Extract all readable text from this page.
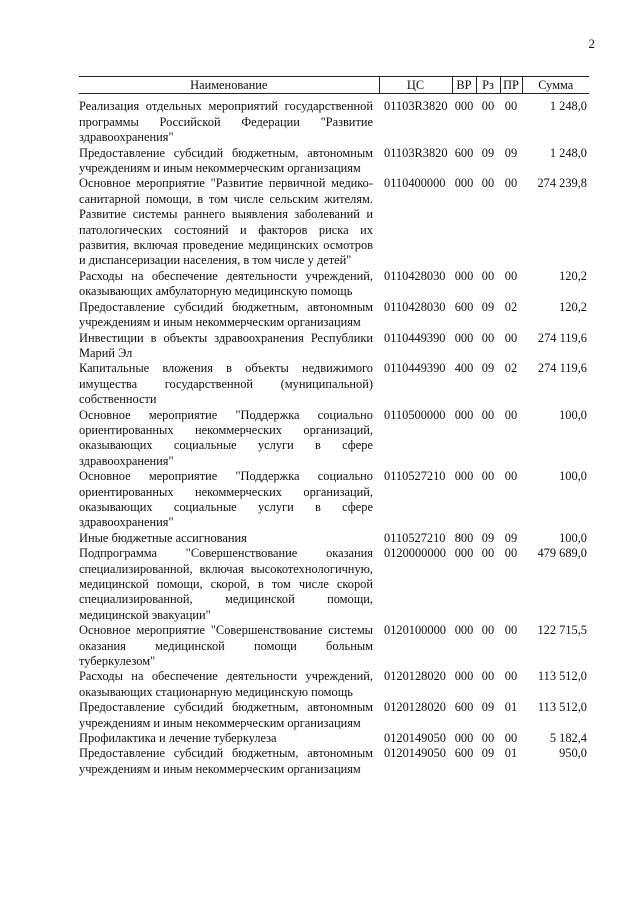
2
Наименование	ЦС	ВР	Рз	ПР	Сумма
Реализация отдельных мероприятий государственной программы Российской Федерации "Развитие здравоохранения"	01103R3820	000	00	00	1 248,0
Предоставление субсидий бюджетным, автономным учреждениям и иным некоммерческим организациям	01103R3820	600	09	09	1 248,0
Основное мероприятие "Развитие первичной медико-санитарной помощи, в том числе сельским жителям. Развитие системы раннего выявления заболеваний и патологических состояний и факторов риска их развития, включая проведение медицинских осмотров и диспансеризации населения, в том числе у детей"	0110400000	000	00	00	274 239,8
Расходы на обеспечение деятельности учреждений, оказывающих амбулаторную медицинскую помощь	0110428030	000	00	00	120,2
Предоставление субсидий бюджетным, автономным учреждениям и иным некоммерческим организациям	0110428030	600	09	02	120,2
Инвестиции в объекты здравоохранения Республики Марий Эл	0110449390	000	00	00	274 119,6
Капитальные вложения в объекты недвижимого имущества государственной (муниципальной) собственности	0110449390	400	09	02	274 119,6
Основное мероприятие "Поддержка социально ориентированных некоммерческих организаций, оказывающих социальные услуги в сфере здравоохранения"	0110500000	000	00	00	100,0
Основное мероприятие "Поддержка социально ориентированных некоммерческих организаций, оказывающих социальные услуги в сфере здравоохранения"	0110527210	000	00	00	100,0
Иные бюджетные ассигнования	0110527210	800	09	09	100,0
Подпрограмма "Совершенствование оказания специализированной, включая высокотехнологичную, медицинской помощи, скорой, в том числе скорой специализированной, медицинской помощи, медицинской эвакуации"	0120000000	000	00	00	479 689,0
Основное мероприятие "Совершенствование системы оказания медицинской помощи больным туберкулезом"	0120100000	000	00	00	122 715,5
Расходы на обеспечение деятельности учреждений, оказывающих стационарную медицинскую помощь	0120128020	000	00	00	113 512,0
Предоставление субсидий бюджетным, автономным учреждениям и иным некоммерческим организациям	0120128020	600	09	01	113 512,0
Профилактика и лечение туберкулеза	0120149050	000	00	00	5 182,4
Предоставление субсидий бюджетным, автономным учреждениям и иным некоммерческим организациям	0120149050	600	09	01	950,0
